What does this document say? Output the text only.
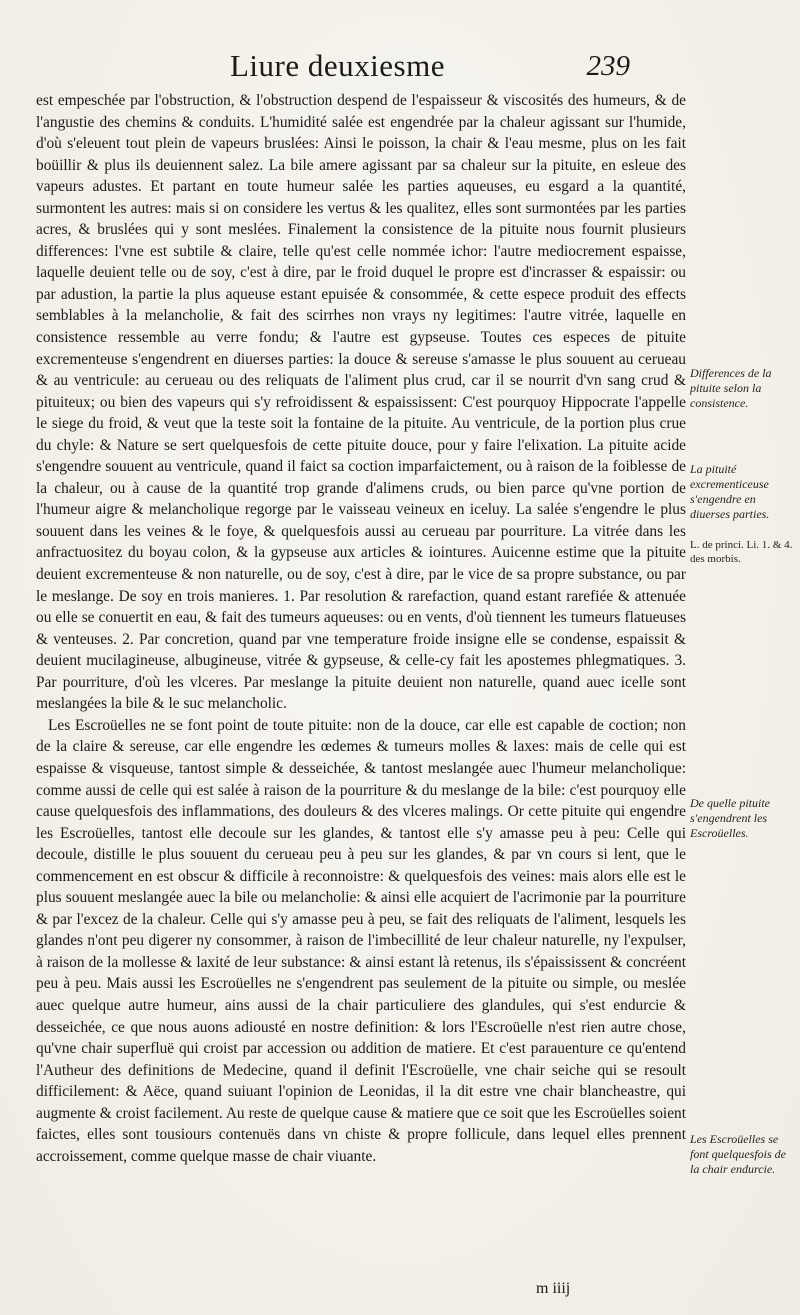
Liure deuxiesme	239

est empeschée par l'obstruction, & l'obstruction despend de l'espaisseur & viscosités des humeurs, & de l'angustie des chemins & conduits. L'humidité salée est engendrée par la chaleur agissant sur l'humide, d'où s'eleuent tout plein de vapeurs bruslées: Ainsi le poisson, la chair & l'eau mesme, plus on les fait boüillir & plus ils deuiennent salez. La bile amere agissant par sa chaleur sur la pituite, en esleue des vapeurs adustes. Et partant en toute humeur salée les parties aqueuses, eu esgard a la quantité, surmontent les autres: mais si on considere les vertus & les qualitez, elles sont surmontées par les parties acres, & bruslées qui y sont meslées. Finalement la consistence de la pituite nous fournit plusieurs differences: l'vne est subtile & claire, telle qu'est celle nommée ichor: l'autre mediocrement espaisse, laquelle deuient telle ou de soy, c'est à dire, par le froid duquel le propre est d'incrasser & espaissir: ou par adustion, la partie la plus aqueuse estant epuisée & consommée, & cette espece produit des effects semblables à la melancholie, & fait des scirrhes non vrays ny legitimes: l'autre vitrée, laquelle en consistence ressemble au verre fondu; & l'autre est gypseuse. Toutes ces especes de pituite excrementeuse s'engendrent en diuerses parties: la douce & sereuse s'amasse le plus souuent au cerueau & au ventricule: au cerueau ou des reliquats de l'aliment plus crud, car il se nourrit d'vn sang crud & pituiteux; ou bien des vapeurs qui s'y refroidissent & espaississent: C'est pourquoy Hippocrate l'appelle le siege du froid, & veut que la teste soit la fontaine de la pituite. Au ventricule, de la portion plus crue du chyle: & Nature se sert quelquesfois de cette pituite douce, pour y faire l'elixation. La pituite acide s'engendre souuent au ventricule, quand il faict sa coction imparfaictement, ou à raison de la foiblesse de la chaleur, ou à cause de la quantité trop grande d'alimens cruds, ou bien parce qu'vne portion de l'humeur aigre & melancholique regorge par le vaisseau veineux en iceluy. La salée s'engendre le plus souuent dans les veines & le foye, & quelquesfois aussi au cerueau par pourriture. La vitrée dans les anfractuositez du boyau colon, & la gypseuse aux articles & iointures. Auicenne estime que la pituite deuient excrementeuse & non naturelle, ou de soy, c'est à dire, par le vice de sa propre substance, ou par le meslange. De soy en trois manieres. 1. Par resolution & rarefaction, quand estant rarefiée & attenuée ou elle se conuertit en eau, & fait des tumeurs aqueuses: ou en vents, d'où tiennent les tumeurs flatueuses & venteuses. 2. Par concretion, quand par vne temperature froide insigne elle se condense, espaissit & deuient mucilagineuse, albugineuse, vitrée & gypseuse, & celle-cy fait les apostemes phlegmatiques. 3. Par pourriture, d'où les vlceres. Par meslange la pituite deuient non naturelle, quand auec icelle sont meslangées la bile & le suc melancholic.

Les Escroüelles ne se font point de toute pituite: non de la douce, car elle est capable de coction; non de la claire & sereuse, car elle engendre les œdemes & tumeurs molles & laxes: mais de celle qui est espaisse & visqueuse, tantost simple & desseichée, & tantost meslangée auec l'humeur melancholique: comme aussi de celle qui est salée à raison de la pourriture & du meslange de la bile: c'est pourquoy elle cause quelquesfois des inflammations, des douleurs & des vlceres malings. Or cette pituite qui engendre les Escroüelles, tantost elle decoule sur les glandes, & tantost elle s'y amasse peu à peu: Celle qui decoule, distille le plus souuent du cerueau peu à peu sur les glandes, & par vn cours si lent, que le commencement en est obscur & difficile à reconnoistre: & quelquesfois des veines: mais alors elle est le plus souuent meslangée auec la bile ou melancholie: & ainsi elle acquiert de l'acrimonie par la pourriture & par l'excez de la chaleur. Celle qui s'y amasse peu à peu, se fait des reliquats de l'aliment, lesquels les glandes n'ont peu digerer ny consommer, à raison de l'imbecillité de leur chaleur naturelle, ny l'expulser, à raison de la mollesse & laxité de leur substance: & ainsi estant là retenus, ils s'épaississent & concréent peu à peu. Mais aussi les Escroüelles ne s'engendrent pas seulement de la pituite ou simple, ou meslée auec quelque autre humeur, ains aussi de la chair particuliere des glandules, qui s'est endurcie & desseichée, ce que nous auons adiousté en nostre definition: & lors l'Escroüelle n'est rien autre chose, qu'vne chair superfluë qui croist par accession ou addition de matiere. Et c'est parauenture ce qu'entend l'Autheur des definitions de Medecine, quand il definit l'Escroüelle, vne chair seiche qui se resoult difficilement: & Aëce, quand suiuant l'opinion de Leonidas, il la dit estre vne chair blancheastre, qui augmente & croist facilement. Au reste de quelque cause & matiere que ce soit que les Escroüelles soient faictes, elles sont tousiours contenuës dans vn chiste & propre follicule, dans lequel elles prennent accroissement, comme quelque masse de chair viuante.

Differences de la pituite selon la consistence.
La pituité excrementiceuse s'engendre en diuerses parties.
L. de princi. Li. 1. & 4. des morbis.
De quelle pituite s'engendrent les Escroüelles.
Les Escroüelles se font quelquesfois de la chair endurcie.
m iiij
